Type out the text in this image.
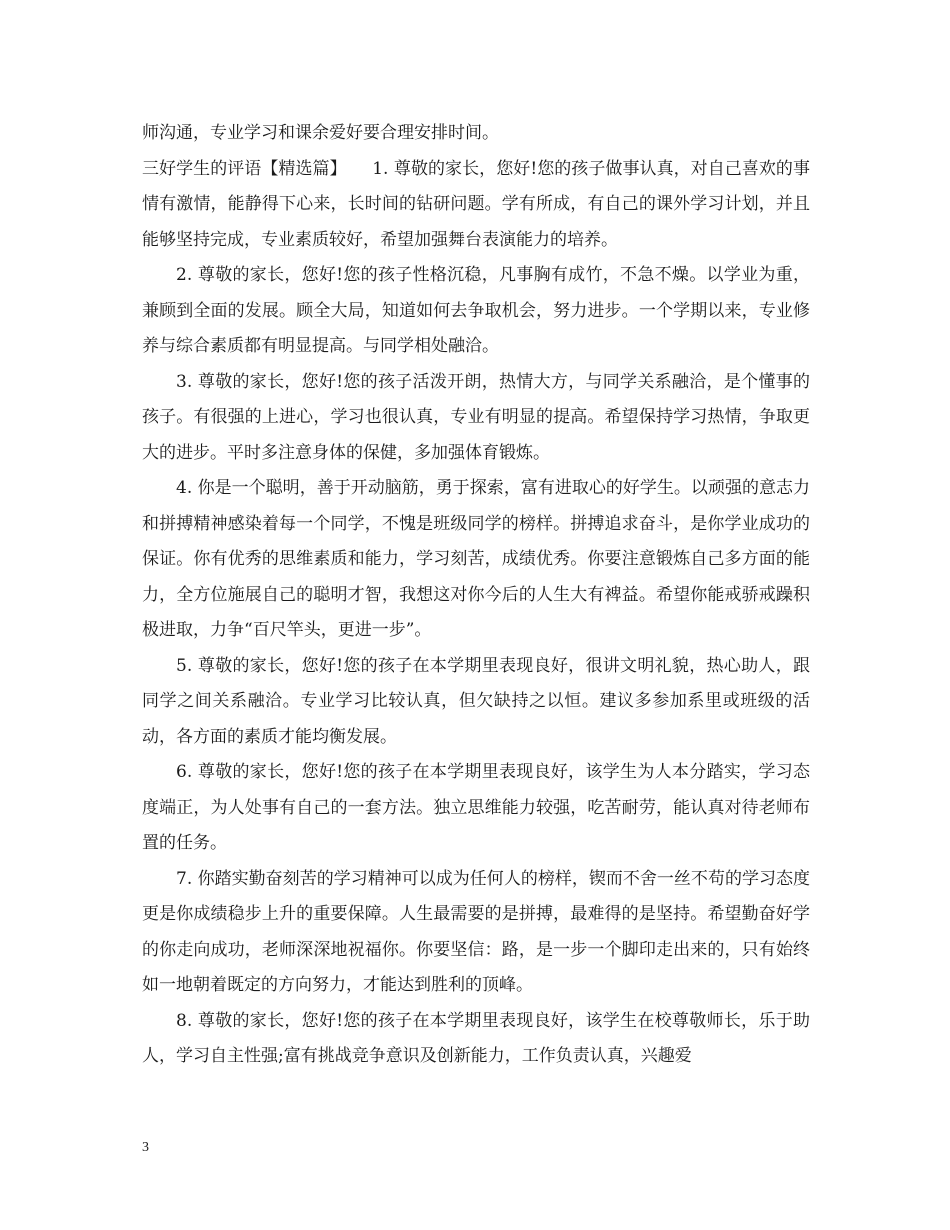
师沟通，专业学习和课余爱好要合理安排时间。

三好学生的评语【精选篇】　　1. 尊敬的家长，您好!您的孩子做事认真，对自己喜欢的事情有激情，能静得下心来，长时间的钻研问题。学有所成，有自己的课外学习计划，并且能够坚持完成，专业素质较好，希望加强舞台表演能力的培养。

2. 尊敬的家长，您好!您的孩子性格沉稳，凡事胸有成竹，不急不燥。以学业为重，兼顾到全面的发展。顾全大局，知道如何去争取机会，努力进步。一个学期以来，专业修养与综合素质都有明显提高。与同学相处融洽。

3. 尊敬的家长，您好!您的孩子活泼开朗，热情大方，与同学关系融洽，是个懂事的孩子。有很强的上进心，学习也很认真，专业有明显的提高。希望保持学习热情，争取更大的进步。平时多注意身体的保健，多加强体育锻炼。

4. 你是一个聪明，善于开动脑筋，勇于探索，富有进取心的好学生。以顽强的意志力和拼搏精神感染着每一个同学，不愧是班级同学的榜样。拼搏追求奋斗，是你学业成功的保证。你有优秀的思维素质和能力，学习刻苦，成绩优秀。你要注意锻炼自己多方面的能力，全方位施展自己的聪明才智，我想这对你今后的人生大有裨益。希望你能戒骄戒躁积极进取，力争“百尺竿头，更进一步”。

5. 尊敬的家长，您好!您的孩子在本学期里表现良好，很讲文明礼貌，热心助人，跟同学之间关系融洽。专业学习比较认真，但欠缺持之以恒。建议多参加系里或班级的活动，各方面的素质才能均衡发展。

6. 尊敬的家长，您好!您的孩子在本学期里表现良好，该学生为人本分踏实，学习态度端正，为人处事有自己的一套方法。独立思维能力较强，吃苦耐劳，能认真对待老师布置的任务。

7. 你踏实勤奋刻苦的学习精神可以成为任何人的榜样，锲而不舍一丝不苟的学习态度更是你成绩稳步上升的重要保障。人生最需要的是拼搏，最难得的是坚持。希望勤奋好学的你走向成功，老师深深地祝福你。你要坚信：路，是一步一个脚印走出来的，只有始终如一地朝着既定的方向努力，才能达到胜利的顶峰。

8. 尊敬的家长，您好!您的孩子在本学期里表现良好，该学生在校尊敬师长，乐于助人，学习自主性强;富有挑战竞争意识及创新能力，工作负责认真，兴趣爱

3
